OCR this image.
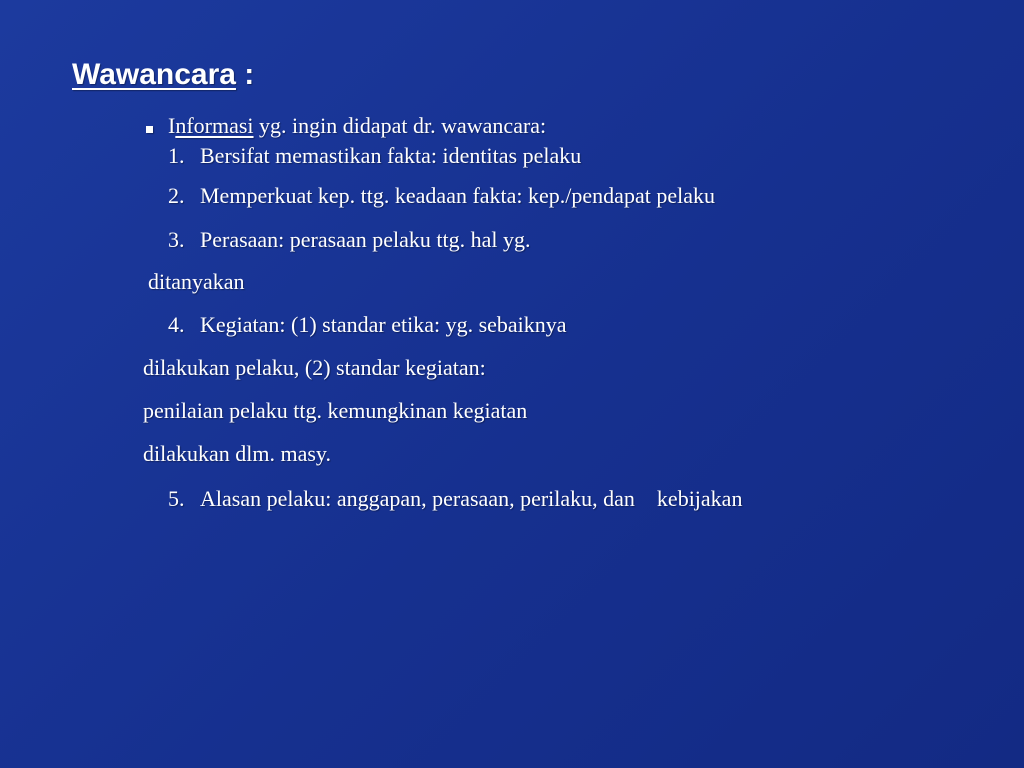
Wawancara :
Informasi yg. ingin didapat dr. wawancara:
1. Bersifat memastikan fakta: identitas pelaku
2. Memperkuat kep. ttg. keadaan fakta: kep./pendapat pelaku
3. Perasaan: perasaan pelaku ttg. hal yg.
ditanyakan
4. Kegiatan: (1) standar etika: yg. sebaiknya
dilakukan pelaku, (2) standar kegiatan:
penilaian pelaku ttg. kemungkinan kegiatan
dilakukan dlm. masy.
5. Alasan pelaku: anggapan, perasaan, perilaku, dan    kebijakan
